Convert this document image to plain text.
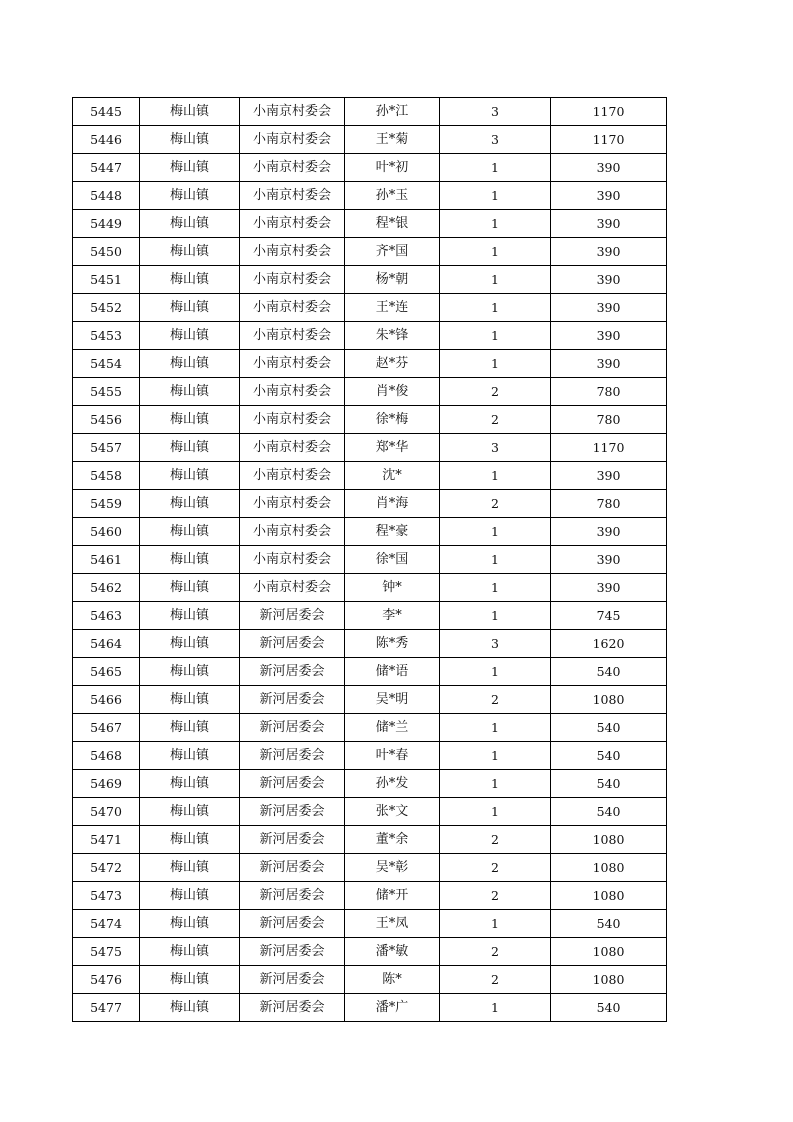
5445	梅山镇	小南京村委会	孙*江	3	1170
5446	梅山镇	小南京村委会	王*菊	3	1170
5447	梅山镇	小南京村委会	叶*初	1	390
5448	梅山镇	小南京村委会	孙*玉	1	390
5449	梅山镇	小南京村委会	程*银	1	390
5450	梅山镇	小南京村委会	齐*国	1	390
5451	梅山镇	小南京村委会	杨*朝	1	390
5452	梅山镇	小南京村委会	王*连	1	390
5453	梅山镇	小南京村委会	朱*锋	1	390
5454	梅山镇	小南京村委会	赵*芬	1	390
5455	梅山镇	小南京村委会	肖*俊	2	780
5456	梅山镇	小南京村委会	徐*梅	2	780
5457	梅山镇	小南京村委会	郑*华	3	1170
5458	梅山镇	小南京村委会	沈*	1	390
5459	梅山镇	小南京村委会	肖*海	2	780
5460	梅山镇	小南京村委会	程*豪	1	390
5461	梅山镇	小南京村委会	徐*国	1	390
5462	梅山镇	小南京村委会	钟*	1	390
5463	梅山镇	新河居委会	李*	1	745
5464	梅山镇	新河居委会	陈*秀	3	1620
5465	梅山镇	新河居委会	储*语	1	540
5466	梅山镇	新河居委会	吴*明	2	1080
5467	梅山镇	新河居委会	储*兰	1	540
5468	梅山镇	新河居委会	叶*春	1	540
5469	梅山镇	新河居委会	孙*发	1	540
5470	梅山镇	新河居委会	张*文	1	540
5471	梅山镇	新河居委会	董*余	2	1080
5472	梅山镇	新河居委会	吴*彰	2	1080
5473	梅山镇	新河居委会	储*开	2	1080
5474	梅山镇	新河居委会	王*凤	1	540
5475	梅山镇	新河居委会	潘*敏	2	1080
5476	梅山镇	新河居委会	陈*	2	1080
5477	梅山镇	新河居委会	潘*广	1	540
